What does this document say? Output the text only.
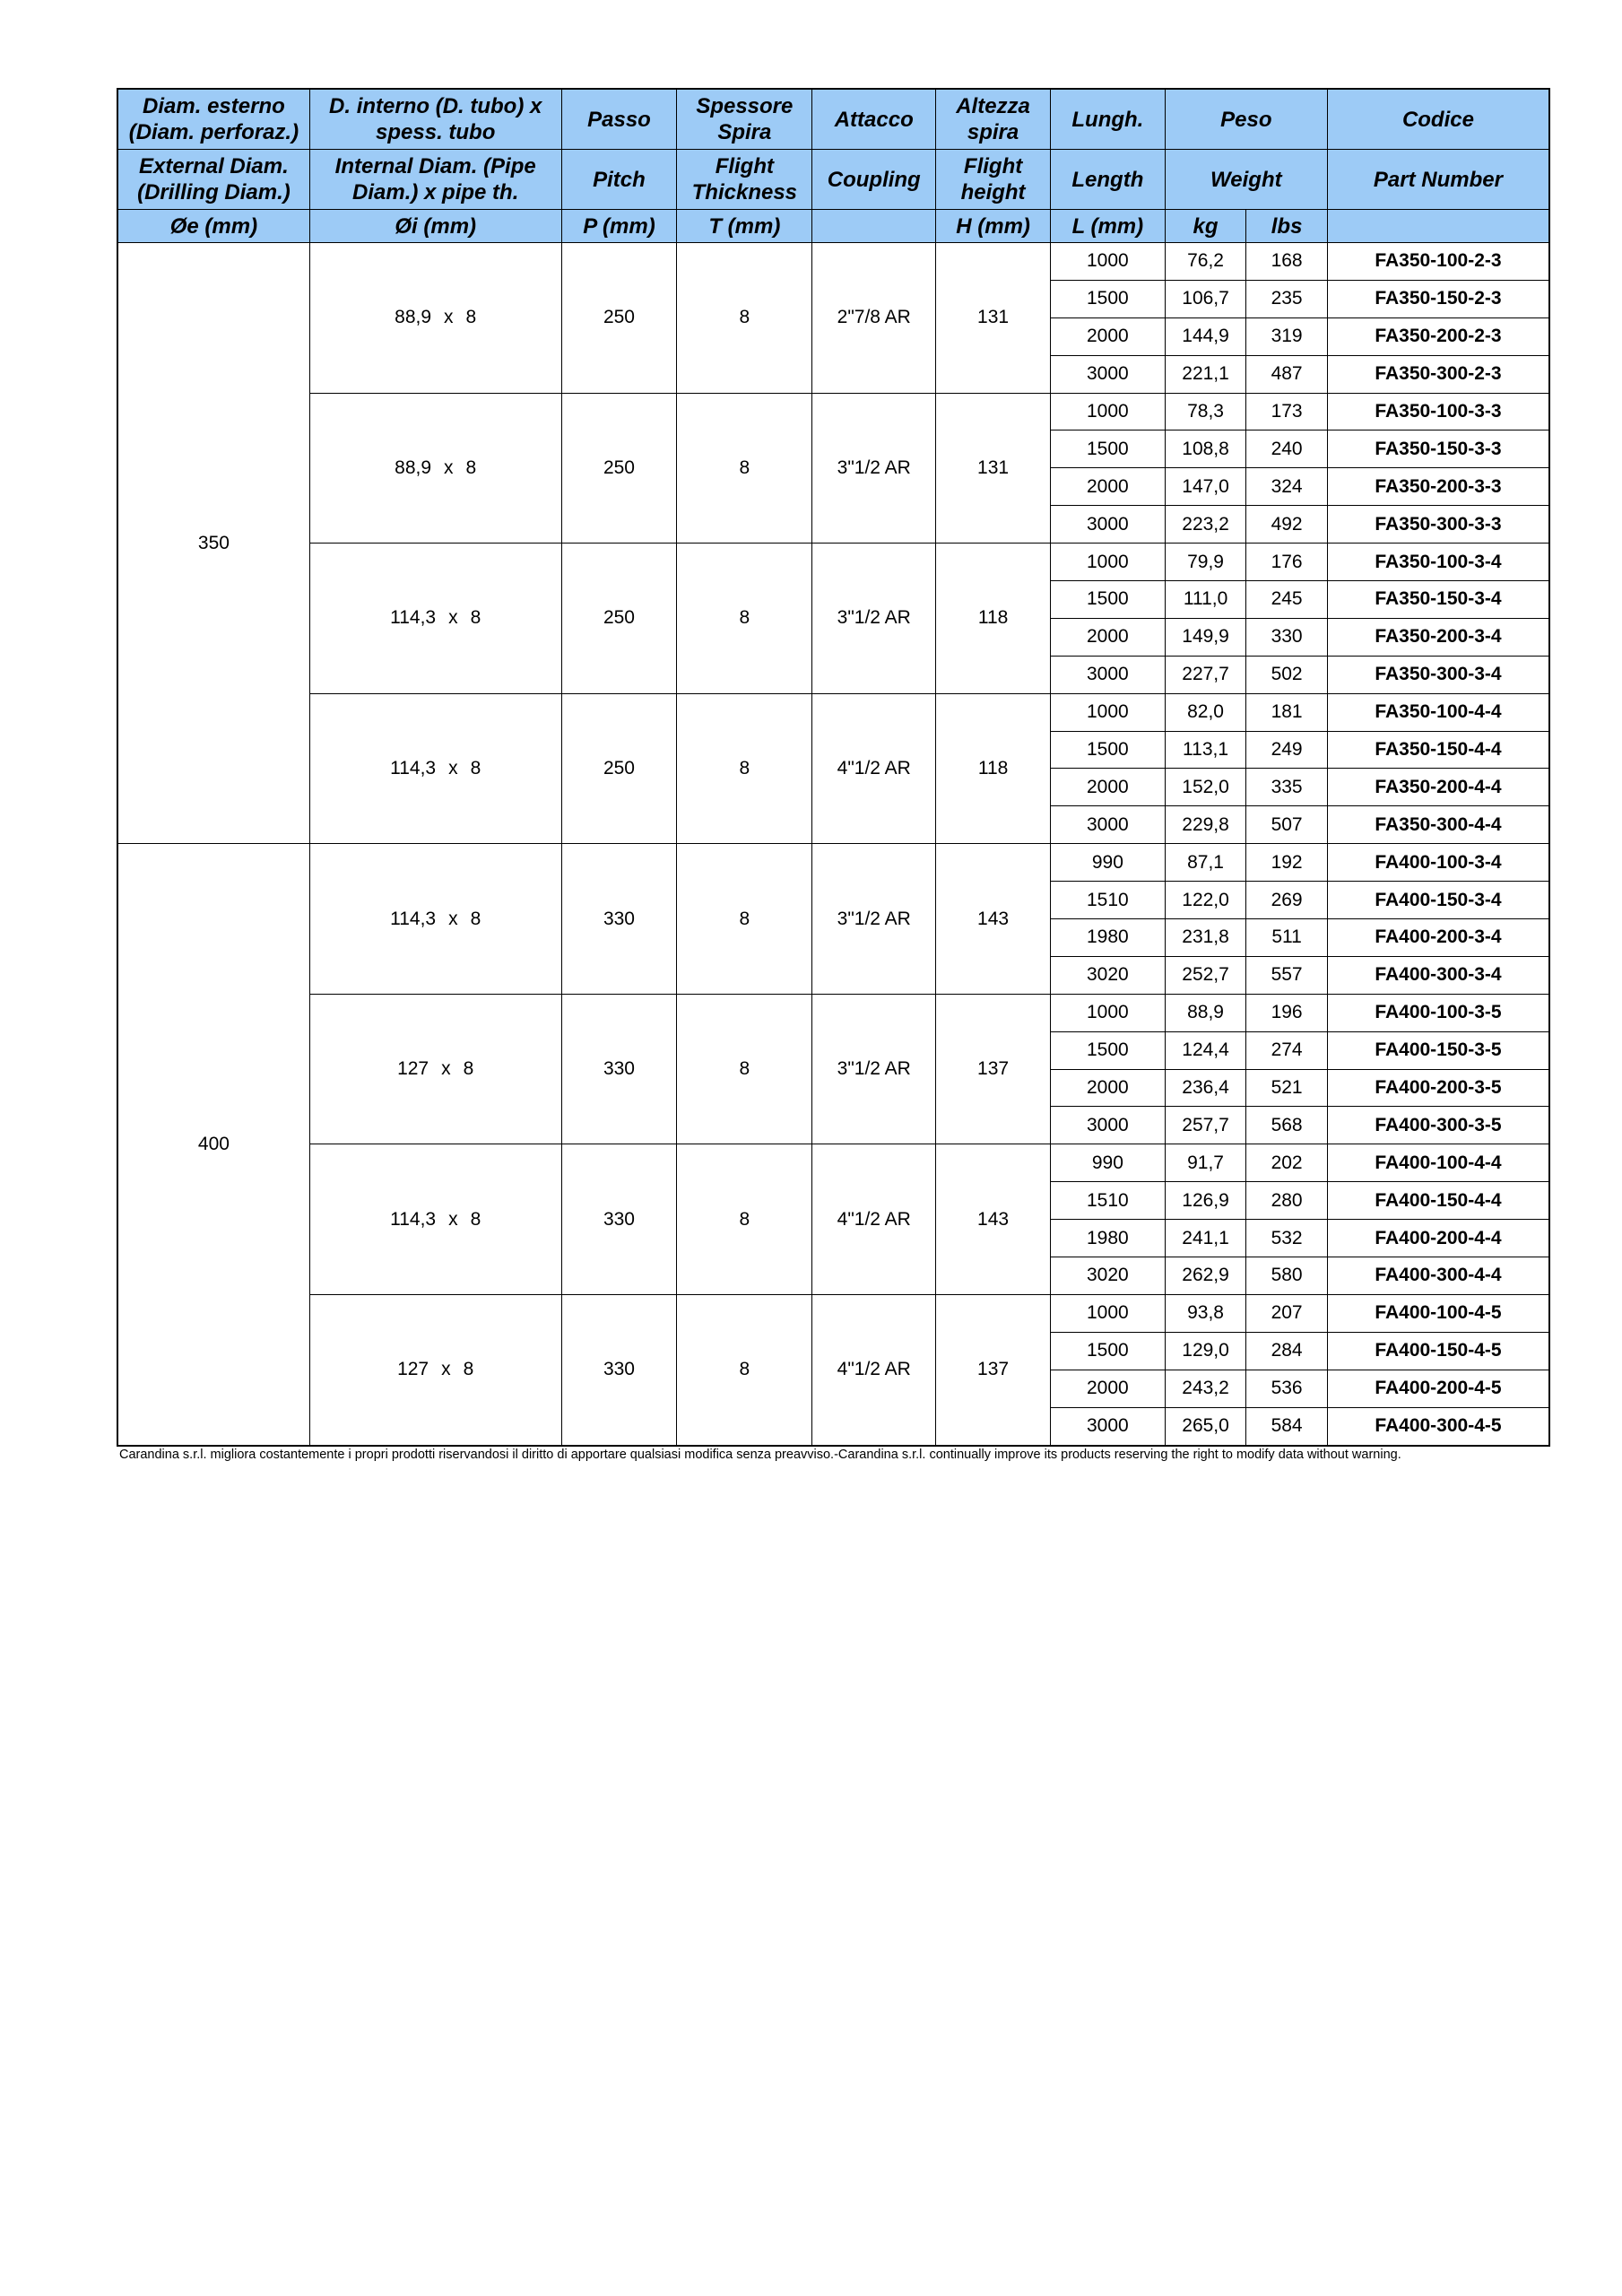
Diam. esterno (Diam. perforaz.)	D. interno (D. tubo) x spess. tubo	Passo	Spessore Spira	Attacco	Altezza spira	Lungh.	Peso		Codice
External Diam. (Drilling Diam.)	Internal Diam. (Pipe Diam.) x pipe th.	Pitch	Flight Thickness	Coupling	Flight height	Length	Weight		Part Number
Øe (mm)	Øi (mm)	P (mm)	T (mm)		H (mm)	L (mm)	kg	lbs	
350	88,9 x 8	250	8	2"7/8 AR	131	1000	76,2	168	FA350-100-2-3
						1500	106,7	235	FA350-150-2-3
						2000	144,9	319	FA350-200-2-3
						3000	221,1	487	FA350-300-2-3
	88,9 x 8	250	8	3"1/2 AR	131	1000	78,3	173	FA350-100-3-3
						1500	108,8	240	FA350-150-3-3
						2000	147,0	324	FA350-200-3-3
						3000	223,2	492	FA350-300-3-3
	114,3 x 8	250	8	3"1/2 AR	118	1000	79,9	176	FA350-100-3-4
						1500	111,0	245	FA350-150-3-4
						2000	149,9	330	FA350-200-3-4
						3000	227,7	502	FA350-300-3-4
	114,3 x 8	250	8	4"1/2 AR	118	1000	82,0	181	FA350-100-4-4
						1500	113,1	249	FA350-150-4-4
						2000	152,0	335	FA350-200-4-4
						3000	229,8	507	FA350-300-4-4
400	114,3 x 8	330	8	3"1/2 AR	143	990	87,1	192	FA400-100-3-4
						1510	122,0	269	FA400-150-3-4
						1980	231,8	511	FA400-200-3-4
						3020	252,7	557	FA400-300-3-4
	127 x 8	330	8	3"1/2 AR	137	1000	88,9	196	FA400-100-3-5
						1500	124,4	274	FA400-150-3-5
						2000	236,4	521	FA400-200-3-5
						3000	257,7	568	FA400-300-3-5
	114,3 x 8	330	8	4"1/2 AR	143	990	91,7	202	FA400-100-4-4
						1510	126,9	280	FA400-150-4-4
						1980	241,1	532	FA400-200-4-4
						3020	262,9	580	FA400-300-4-4
	127 x 8	330	8	4"1/2 AR	137	1000	93,8	207	FA400-100-4-5
						1500	129,0	284	FA400-150-4-5
						2000	243,2	536	FA400-200-4-5
						3000	265,0	584	FA400-300-4-5
Carandina s.r.l. migliora costantemente i propri prodotti riservandosi il diritto di apportare qualsiasi modifica senza preavviso.-Carandina s.r.l. continually improve its products reserving the right to modify data without warning.
